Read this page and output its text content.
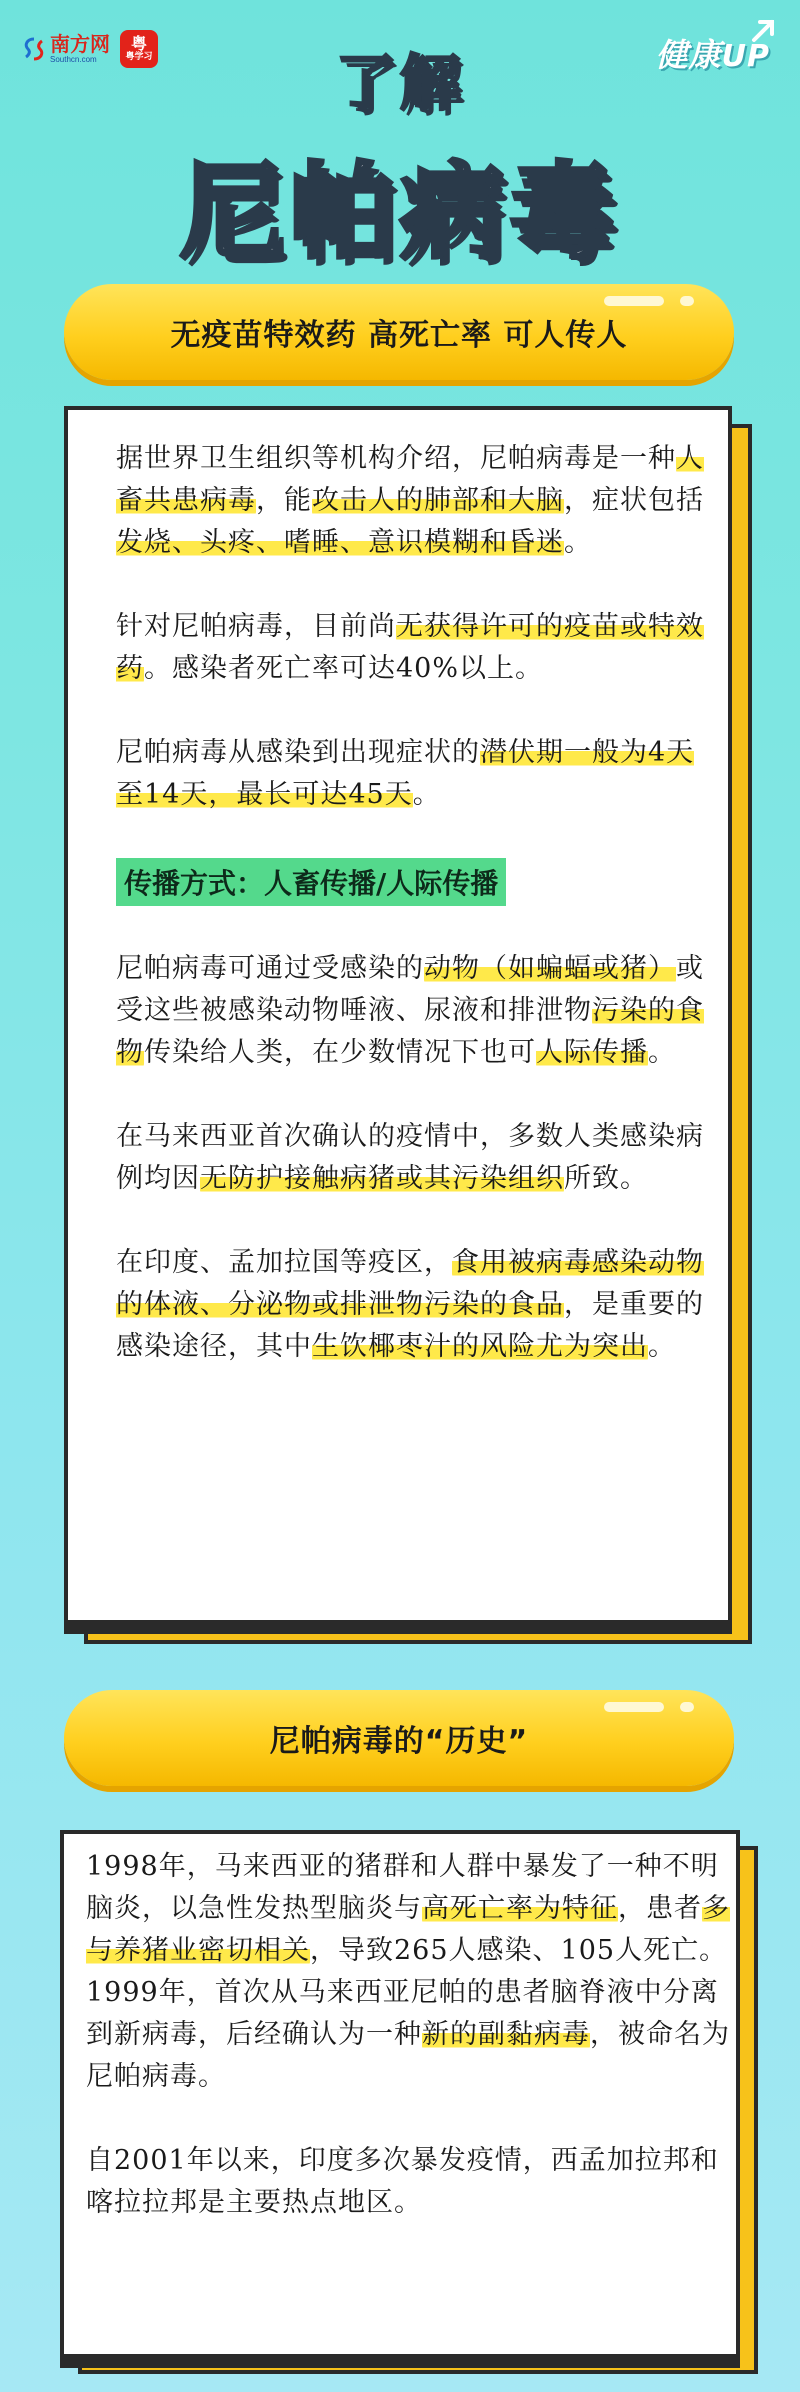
南方网
Southcn.com
粤
粤学习	健康UP
了解
尼帕病毒
无疫苗特效药 高死亡率 可人传人

据世界卫生组织等机构介绍，尼帕病毒是一种人畜共患病毒，能攻击人的肺部和大脑，症状包括发烧、头疼、嗜睡、意识模糊和昏迷。

针对尼帕病毒，目前尚无获得许可的疫苗或特效药。感染者死亡率可达40%以上。

尼帕病毒从感染到出现症状的潜伏期一般为4天至14天，最长可达45天。

传播方式：人畜传播/人际传播

尼帕病毒可通过受感染的动物（如蝙蝠或猪）或受这些被感染动物唾液、尿液和排泄物污染的食物传染给人类，在少数情况下也可人际传播。

在马来西亚首次确认的疫情中，多数人类感染病例均因无防护接触病猪或其污染组织所致。

在印度、孟加拉国等疫区，食用被病毒感染动物的体液、分泌物或排泄物污染的食品，是重要的感染途径，其中生饮椰枣汁的风险尤为突出。

尼帕病毒的“历史”

1998年，马来西亚的猪群和人群中暴发了一种不明脑炎，以急性发热型脑炎与高死亡率为特征，患者多与养猪业密切相关，导致265人感染、105人死亡。1999年，首次从马来西亚尼帕的患者脑脊液中分离到新病毒，后经确认为一种新的副黏病毒，被命名为尼帕病毒。

自2001年以来，印度多次暴发疫情，西孟加拉邦和喀拉拉邦是主要热点地区。
